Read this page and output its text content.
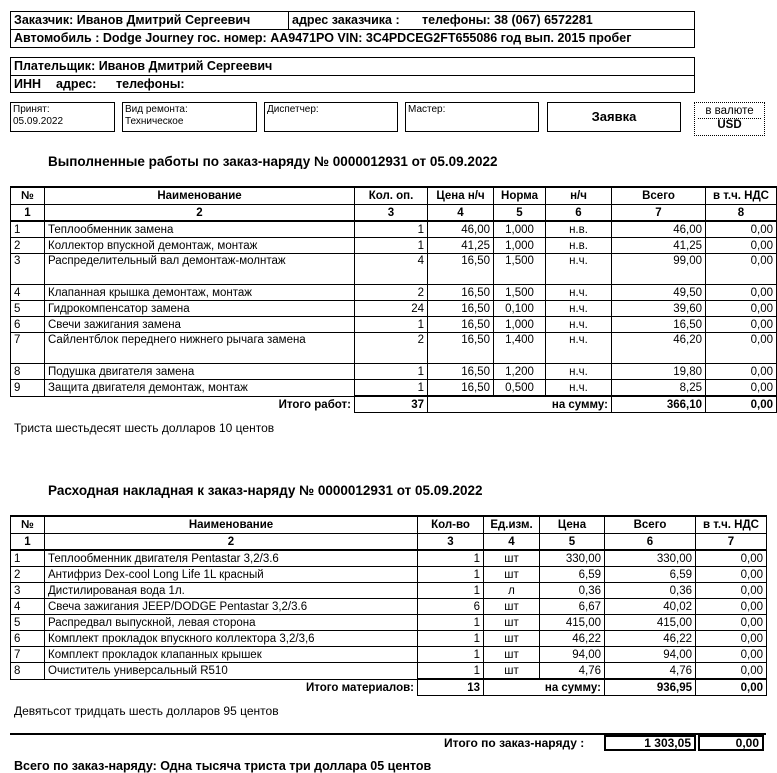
Заказчик: Иванов Дмитрий Сергеевич	адрес заказчика : телефоны: 38 (067) 6572281
Автомобиль : Dodge Journey гос. номер: АА9471РО VIN: 3C4PDCEG2FT655086 год вып. 2015 пробег
Плательщик: Иванов Дмитрий Сергеевич
ИНН адрес: телефоны:
Принят:
05.09.2022
Вид ремонта:
Техническое
Диспетчер:	Мастер:	Заявка	в валюте
USD
Выполненные работы по заказ-наряду № 0000012931 от 05.09.2022
№	Наименование	Кол. оп.	Цена н/ч	Норма	н/ч	Всего	в т.ч. НДС
1	2	3	4	5	6	7	8
1	Теплообменник замена	1	46,00	1,000	н.в.	46,00	0,00
2	Коллектор впускной демонтаж, монтаж	1	41,25	1,000	н.в.	41,25	0,00
3	Распределительный вал демонтаж-молнтаж	4	16,50	1,500	н.ч.	99,00	0,00
4	Клапанная крышка демонтаж, монтаж	2	16,50	1,500	н.ч.	49,50	0,00
5	Гидрокомпенсатор замена	24	16,50	0,100	н.ч.	39,60	0,00
6	Свечи зажигания замена	1	16,50	1,000	н.ч.	16,50	0,00
7	Сайлентблок переднего нижнего рычага замена	2	16,50	1,400	н.ч.	46,20	0,00
8	Подушка двигателя замена	1	16,50	1,200	н.ч.	19,80	0,00
9	Защита двигателя демонтаж, монтаж	1	16,50	0,500	н.ч.	8,25	0,00
Итого работ:		37	на сумму:			366,10	0,00
Триста шестьдесят шесть долларов 10 центов
Расходная накладная к заказ-наряду № 0000012931 от 05.09.2022
№	Наименование	Кол-во	Ед.изм.	Цена	Всего	в т.ч. НДС
1	2	3	4	5	6	7
1	Теплообменник двигателя Pentastar 3,2/3.6	1	шт	330,00	330,00	0,00
2	Антифриз Dex-cool Long Life 1L красный	1	шт	6,59	6,59	0,00
3	Дистилированая вода 1л.	1	л	0,36	0,36	0,00
4	Свеча зажигания JEEP/DODGE Pentastar 3,2/3.6	6	шт	6,67	40,02	0,00
5	Распредвал выпускной, левая сторона	1	шт	415,00	415,00	0,00
6	Комплект прокладок впускного коллектора 3,2/3,6	1	шт	46,22	46,22	0,00
7	Комплект прокладок клапанных крышек	1	шт	94,00	94,00	0,00
8	Очиститель универсальный R510	1	шт	4,76	4,76	0,00
Итого материалов:		13	на сумму:		936,95	0,00
Девятьсот тридцать шесть долларов 95 центов
Итого по заказ-наряду :	1 303,05	0,00
Всего по заказ-наряду: Одна тысяча триста три доллара 05 центов
